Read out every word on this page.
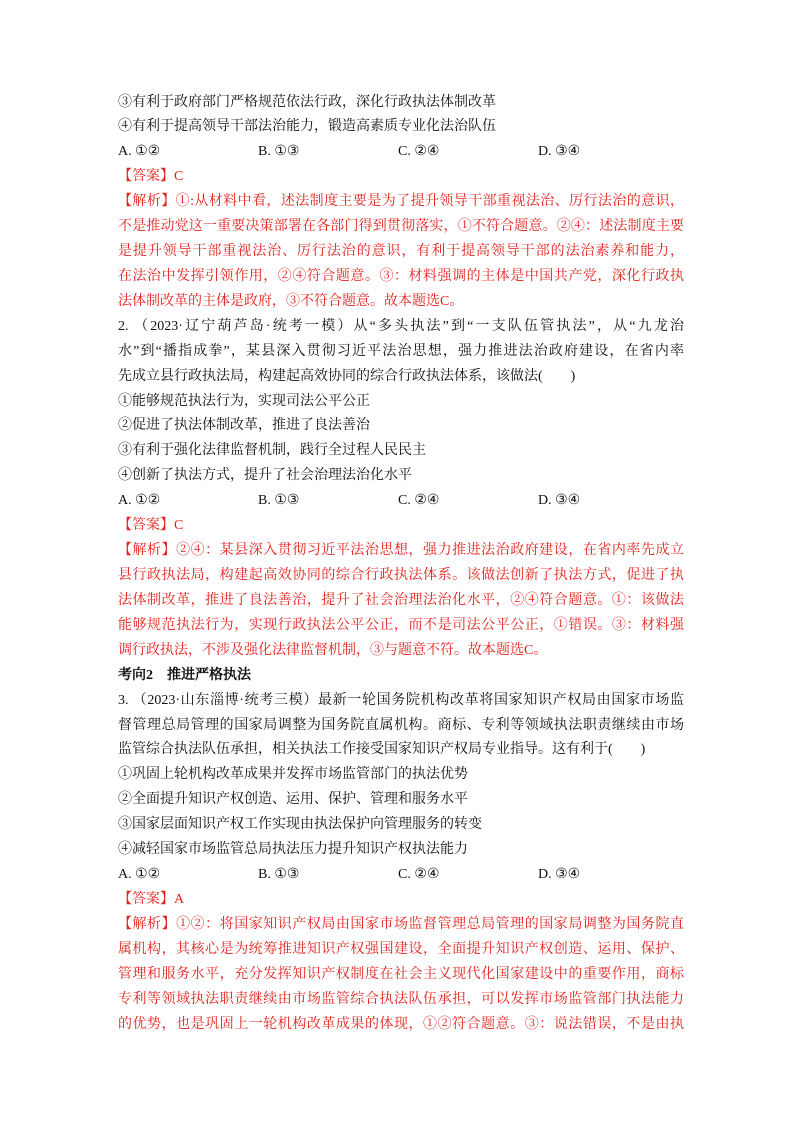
③有利于政府部门严格规范依法行政，深化行政执法体制改革
④有利于提高领导干部法治能力，锻造高素质专业化法治队伍
A. ①②	B. ①③	C. ②④	D. ③④
【答案】C
【解析】①:从材料中看，述法制度主要是为了提升领导干部重视法治、厉行法治的意识，
不是推动党这一重要决策部署在各部门得到贯彻落实，①不符合题意。②④：述法制度主要
是提升领导干部重视法治、厉行法治的意识，有利于提高领导干部的法治素养和能力，
在法治中发挥引领作用，②④符合题意。③：材料强调的主体是中国共产党，深化行政执
法体制改革的主体是政府，③不符合题意。故本题选C。
2. （2023·辽宁葫芦岛·统考一模）从“多头执法”到“一支队伍管执法”，从“九龙治
水”到“播指成拳”，某县深入贯彻习近平法治思想，强力推进法治政府建设，在省内率
先成立县行政执法局，构建起高效协同的综合行政执法体系，该做法(　　)
①能够规范执法行为，实现司法公平公正
②促进了执法体制改革，推进了良法善治
③有利于强化法律监督机制，践行全过程人民民主
④创新了执法方式，提升了社会治理法治化水平
A. ①②	B. ①③	C. ②④	D. ③④
【答案】C
【解析】②④：某县深入贯彻习近平法治思想，强力推进法治政府建设，在省内率先成立
县行政执法局，构建起高效协同的综合行政执法体系。该做法创新了执法方式，促进了执
法体制改革，推进了良法善治，提升了社会治理法治化水平，②④符合题意。①：该做法
能够规范执法行为，实现行政执法公平公正，而不是司法公平公正，①错误。③：材料强
调行政执法，不涉及强化法律监督机制，③与题意不符。故本题选C。
考向2　推进严格执法
3. （2023·山东淄博·统考三模）最新一轮国务院机构改革将国家知识产权局由国家市场监
督管理总局管理的国家局调整为国务院直属机构。商标、专利等领域执法职责继续由市场
监管综合执法队伍承担，相关执法工作接受国家知识产权局专业指导。这有利于(　　)
①巩固上轮机构改革成果并发挥市场监管部门的执法优势
②全面提升知识产权创造、运用、保护、管理和服务水平
③国家层面知识产权工作实现由执法保护向管理服务的转变
④减轻国家市场监管总局执法压力提升知识产权执法能力
A. ①②	B. ①③	C. ②④	D. ③④
【答案】A
【解析】①②：将国家知识产权局由国家市场监督管理总局管理的国家局调整为国务院直
属机构，其核心是为统筹推进知识产权强国建设，全面提升知识产权创造、运用、保护、
管理和服务水平，充分发挥知识产权制度在社会主义现代化国家建设中的重要作用，商标
专利等领域执法职责继续由市场监管综合执法队伍承担，可以发挥市场监管部门执法能力
的优势，也是巩固上一轮机构改革成果的体现，①②符合题意。③：说法错误，不是由执
